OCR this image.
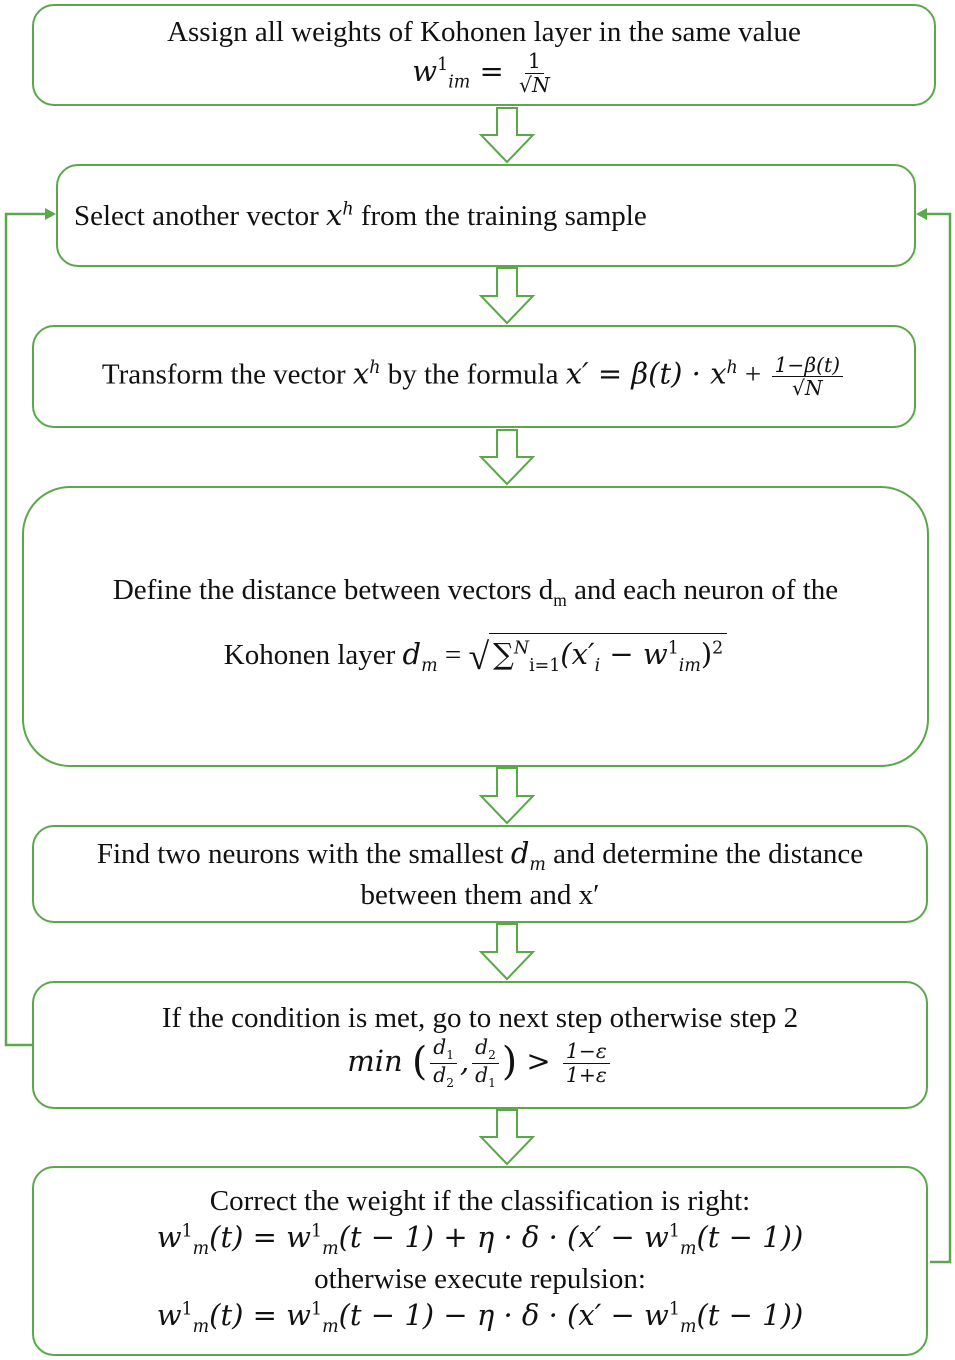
Assign all weights of Kohonen layer in the same value
$w^1_{im} = \frac{1}{√N}$
Select another vector $x^h$ from the training sample
Transform the vector $x^h$ by the formula $x' = \beta(t) \cdot x^h + \frac{1-\beta(t)}{√N}$
Define the distance between vectors $d_m$ and each neuron of the
Kohonen layer $d_m$ = √ $\sum^N_{i=1}(x'_i - w^1_{im})^2$
Find two neurons with the smallest $d_m$ and determine the distance
between them and x′
If the condition is met, go to next step otherwise step 2
min ( $\frac{d_1}{d_2}$ , $\frac{d_2}{d_1}$ ) > $\frac{1-\varepsilon}{1+\varepsilon}$
Correct the weight if the classification is right:
$w^1_m(t) = w^1_m(t - 1) + \eta \cdot \delta \cdot (x' - w^1_m(t - 1))$
otherwise execute repulsion:
$w^1_m(t) = w^1_m(t - 1) - \eta \cdot \delta \cdot (x' - w^1_m(t - 1))$
